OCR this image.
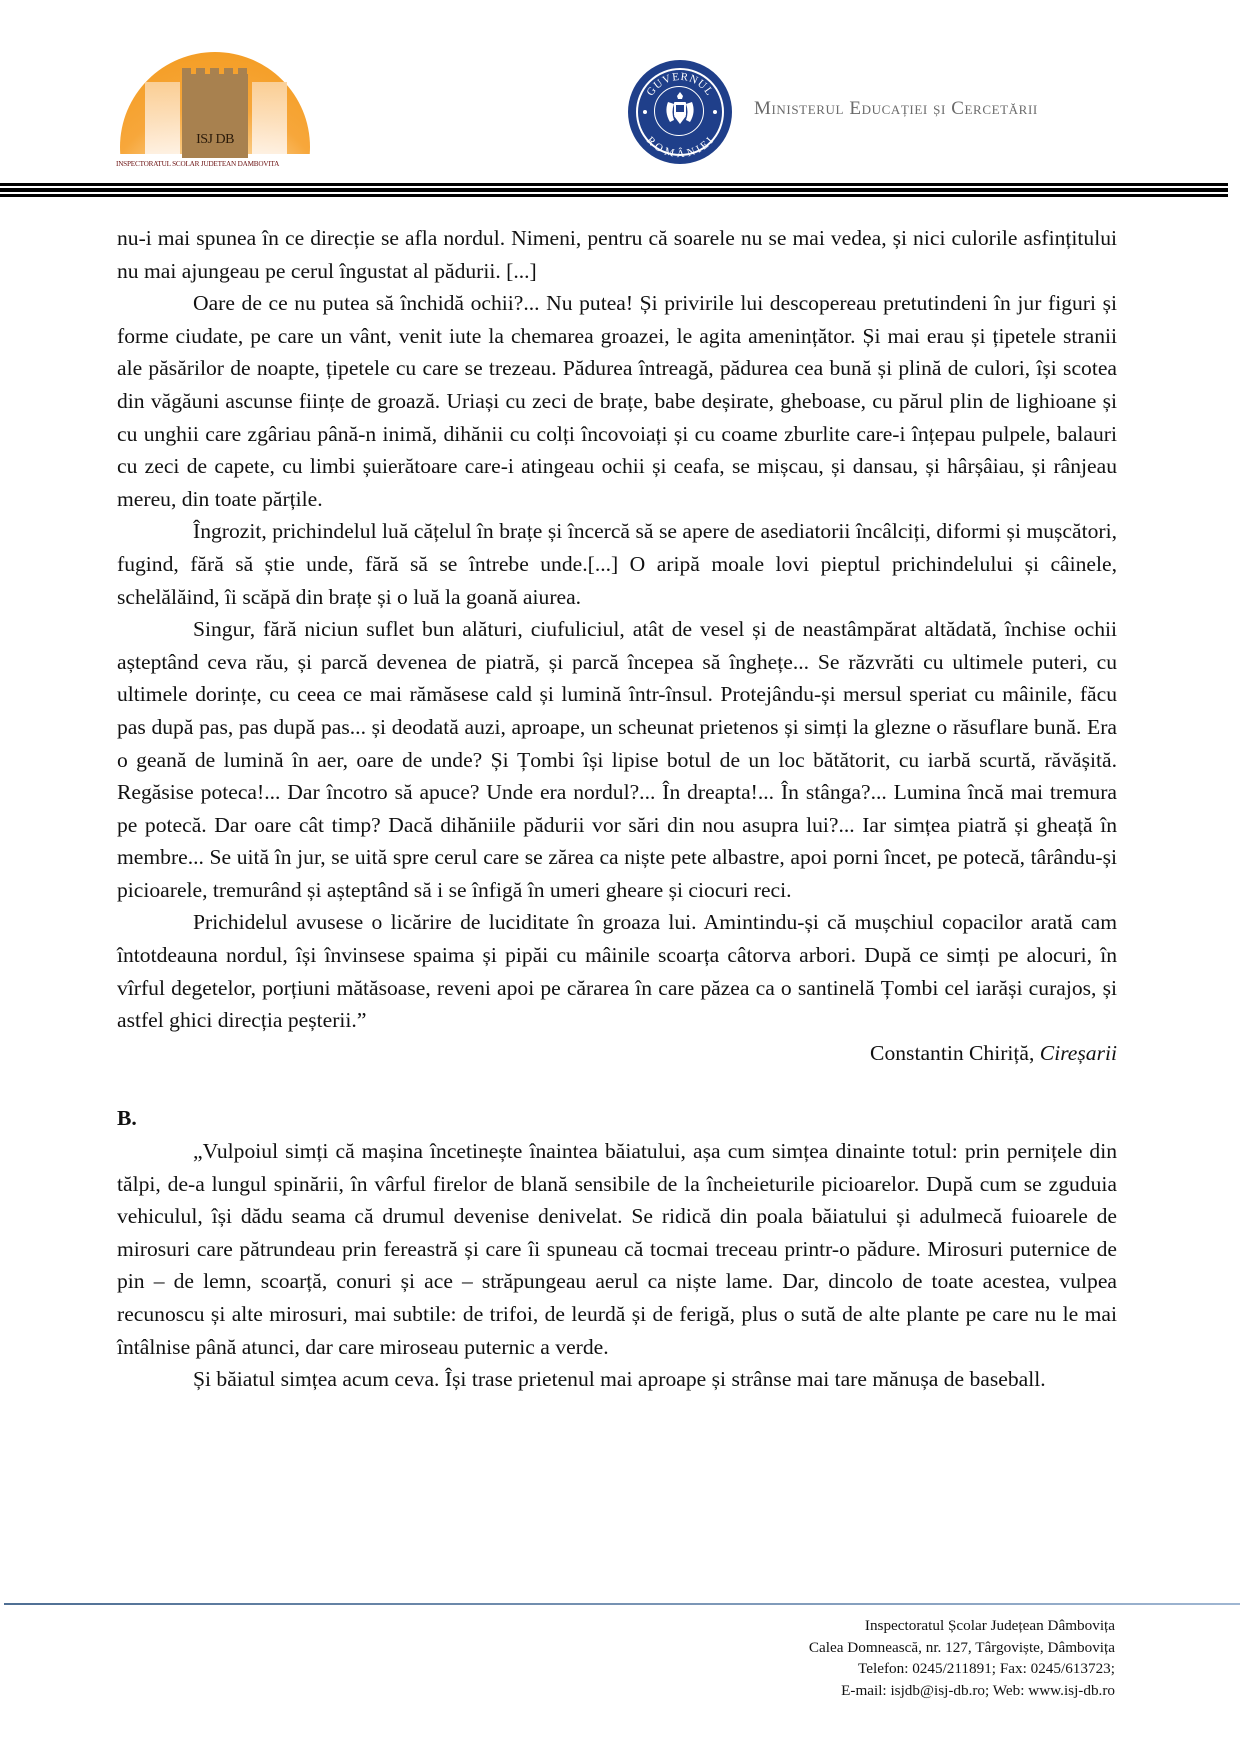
ISJ DB
INSPECTORATUL SCOLAR JUDETEAN DAMBOVITA
GUVERNUL
ROMÂNIEI
Ministerul Educației și Cercetării

nu-i mai spunea în ce direcție se afla nordul. Nimeni, pentru că soarele nu se mai vedea, și nici culorile asfințitului nu mai ajungeau pe cerul îngustat al pădurii. [...]

Oare de ce nu putea să închidă ochii?... Nu putea! Și privirile lui descopereau pretutindeni în jur figuri și forme ciudate, pe care un vânt, venit iute la chemarea groazei, le agita amenințător. Și mai erau și țipetele stranii ale păsărilor de noapte, țipetele cu care se trezeau. Pădurea întreagă, pădurea cea bună și plină de culori, își scotea din văgăuni ascunse ființe de groază. Uriași cu zeci de brațe, babe deșirate, gheboase, cu părul plin de lighioane și cu unghii care zgâriau până-n inimă, dihănii cu colți încovoiați și cu coame zburlite care-i înțepau pulpele, balauri cu zeci de capete, cu limbi șuierătoare care-i atingeau ochii și ceafa, se mișcau, și dansau, și hârșâiau, și rânjeau mereu, din toate părțile.

Îngrozit, prichindelul luă cățelul în brațe și încercă să se apere de asediatorii încâlciți, diformi și mușcători, fugind, fără să știe unde, fără să se întrebe unde.[...] O aripă moale lovi pieptul prichindelului și câinele, schelălăind, îi scăpă din brațe și o luă la goană aiurea.

Singur, fără niciun suflet bun alături, ciufuliciul, atât de vesel și de neastâmpărat altădată, închise ochii așteptând ceva rău, și parcă devenea de piatră, și parcă începea să înghețe... Se răzvrăti cu ultimele puteri, cu ultimele dorințe, cu ceea ce mai rămăsese cald și lumină într-însul. Protejându-și mersul speriat cu mâinile, făcu pas după pas, pas după pas... și deodată auzi, aproape, un scheunat prietenos și simți la glezne o răsuflare bună. Era o geană de lumină în aer, oare de unde? Și Țombi își lipise botul de un loc bătătorit, cu iarbă scurtă, răvășită. Regăsise poteca!... Dar încotro să apuce? Unde era nordul?... În dreapta!... În stânga?... Lumina încă mai tremura pe potecă. Dar oare cât timp? Dacă dihăniile pădurii vor sări din nou asupra lui?... Iar simțea piatră și gheață în membre... Se uită în jur, se uită spre cerul care se zărea ca niște pete albastre, apoi porni încet, pe potecă, târându-și picioarele, tremurând și așteptând să i se înfigă în umeri gheare și ciocuri reci.

Prichidelul avusese o licărire de luciditate în groaza lui. Amintindu-și că mușchiul copacilor arată cam întotdeauna nordul, își învinsese spaima și pipăi cu mâinile scoarța câtorva arbori. După ce simți pe alocuri, în vîrful degetelor, porțiuni mătăsoase, reveni apoi pe cărarea în care păzea ca o santinelă Țombi cel iarăși curajos, și astfel ghici direcția peșterii.”

Constantin Chiriță, Cireșarii

B.

„Vulpoiul simți că mașina încetinește înaintea băiatului, așa cum simțea dinainte totul: prin pernițele din tălpi, de-a lungul spinării, în vârful firelor de blană sensibile de la încheieturile picioarelor. După cum se zguduia vehiculul, își dădu seama că drumul devenise denivelat. Se ridică din poala băiatului și adulmecă fuioarele de mirosuri care pătrundeau prin fereastră și care îi spuneau că tocmai treceau printr-o pădure. Mirosuri puternice de pin – de lemn, scoarță, conuri și ace – străpungeau aerul ca niște lame. Dar, dincolo de toate acestea, vulpea recunoscu și alte mirosuri, mai subtile: de trifoi, de leurdă și de ferigă, plus o sută de alte plante pe care nu le mai întâlnise până atunci, dar care miroseau puternic a verde.

Și băiatul simțea acum ceva. Își trase prietenul mai aproape și strânse mai tare mănușa de baseball.

Inspectoratul Școlar Județean Dâmbovița
Calea Domnească, nr. 127, Târgoviște, Dâmbovița
Telefon: 0245/211891; Fax: 0245/613723;
E-mail: isjdb@isj-db.ro; Web: www.isj-db.ro
